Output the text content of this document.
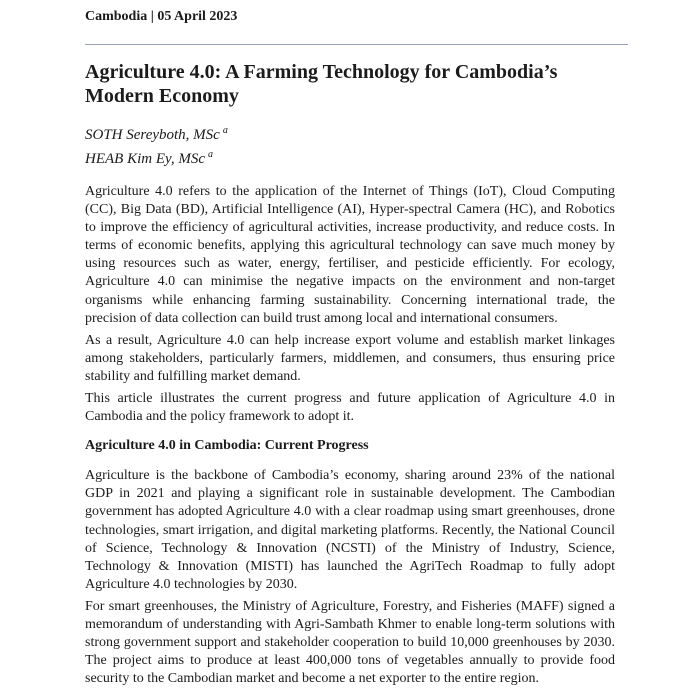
Cambodia | 05 April 2023
Agriculture 4.0: A Farming Technology for Cambodia’s Modern Economy
SOTH Sereyboth, MSc $^a$
HEAB Kim Ey, MSc $^a$

Agriculture 4.0 refers to the application of the Internet of Things (IoT), Cloud Computing (CC), Big Data (BD), Artificial Intelligence (AI), Hyper-spectral Camera (HC), and Robotics to improve the efficiency of agricultural activities, increase productivity, and reduce costs. In terms of economic benefits, applying this agricultural technology can save much money by using resources such as water, energy, fertiliser, and pesticide efficiently. For ecology, Agriculture 4.0 can minimise the negative impacts on the environment and non-target organisms while enhancing farming sustainability. Concerning international trade, the precision of data collection can build trust among local and international consumers.

As a result, Agriculture 4.0 can help increase export volume and establish market linkages among stakeholders, particularly farmers, middlemen, and consumers, thus ensuring price stability and fulfilling market demand.

This article illustrates the current progress and future application of Agriculture 4.0 in Cambodia and the policy framework to adopt it.

Agriculture 4.0 in Cambodia: Current Progress

Agriculture is the backbone of Cambodia’s economy, sharing around 23% of the national GDP in 2021 and playing a significant role in sustainable development. The Cambodian government has adopted Agriculture 4.0 with a clear roadmap using smart greenhouses, drone technologies, smart irrigation, and digital marketing platforms. Recently, the National Council of Science, Technology & Innovation (NCSTI) of the Ministry of Industry, Science, Technology & Innovation (MISTI) has launched the AgriTech Roadmap to fully adopt Agriculture 4.0 technologies by 2030.

For smart greenhouses, the Ministry of Agriculture, Forestry, and Fisheries (MAFF) signed a memorandum of understanding with Agri-Sambath Khmer to enable long-term solutions with strong government support and stakeholder cooperation to build 10,000 greenhouses by 2030. The project aims to produce at least 400,000 tons of vegetables annually to provide food security to the Cambodian market and become a net exporter to the entire region.
